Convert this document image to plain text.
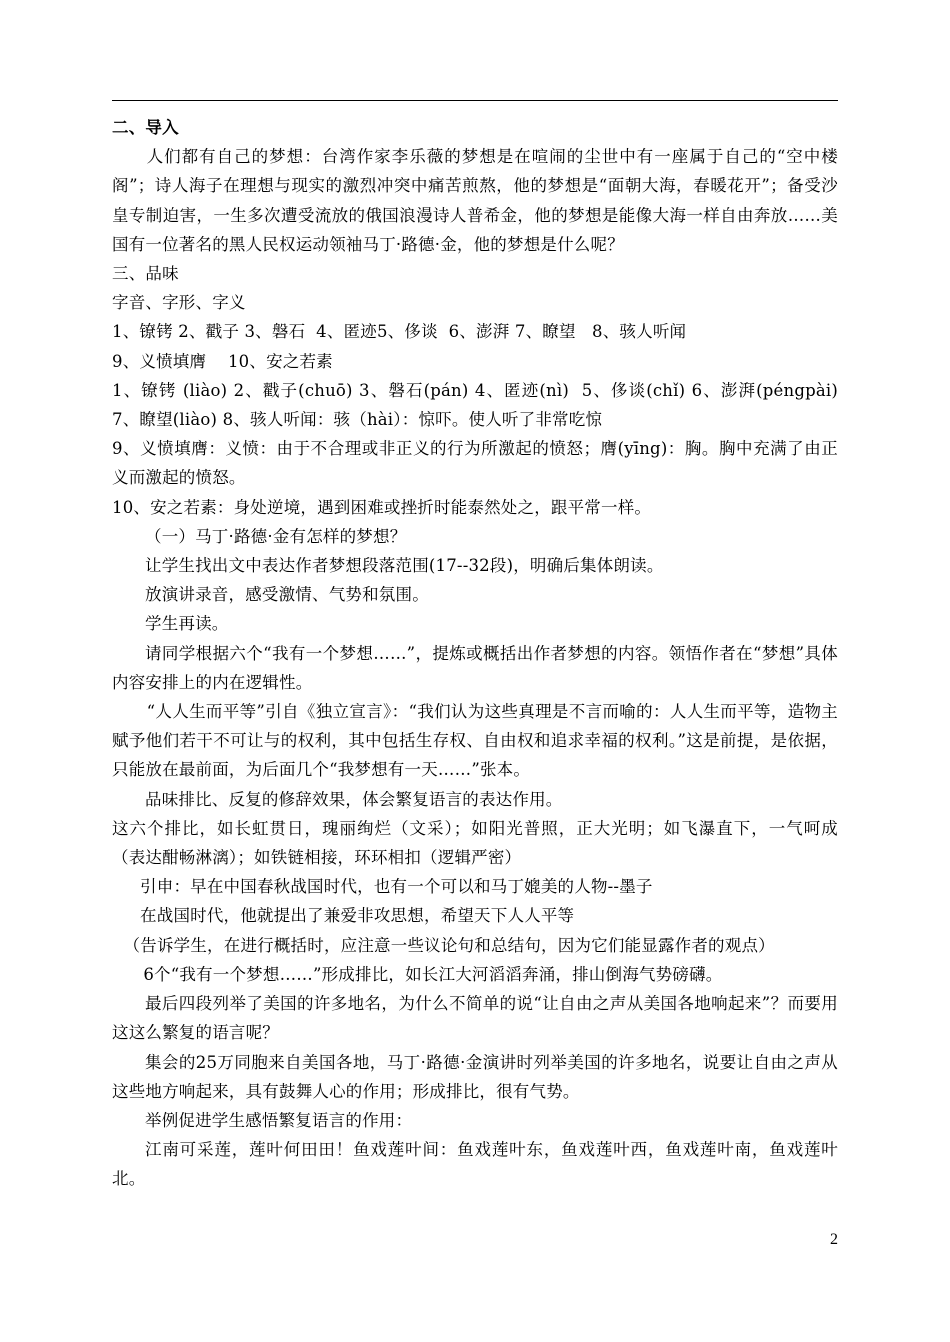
二、导入

人们都有自己的梦想：台湾作家李乐薇的梦想是在喧闹的尘世中有一座属于自己的“空中楼阁”；诗人海子在理想与现实的激烈冲突中痛苦煎熬，他的梦想是“面朝大海，春暖花开”；备受沙皇专制迫害，一生多次遭受流放的俄国浪漫诗人普希金，他的梦想是能像大海一样自由奔放……美国有一位著名的黑人民权运动领袖马丁·路德·金，他的梦想是什么呢？

三、品味

字音、字形、字义

1、镣铐 2、戳子 3、磐石  4、匿迹5、侈谈  6、澎湃 7、瞭望   8、骇人听闻

9、义愤填膺    10、安之若素

1、镣铐 (liào) 2、戳子(chuō) 3、磐石(pán) 4、匿迹(nì)  5、侈谈(chǐ) 6、澎湃(péngpài)     7、瞭望(liào) 8、骇人听闻：骇（hài）：惊吓。使人听了非常吃惊

9、义愤填膺：义愤：由于不合理或非正义的行为所激起的愤怒；膺(yīng)：胸。胸中充满了由正义而激起的愤怒。

10、安之若素：身处逆境，遇到困难或挫折时能泰然处之，跟平常一样。

（一）马丁·路德·金有怎样的梦想？

让学生找出文中表达作者梦想段落范围(17--32段)，明确后集体朗读。

放演讲录音，感受激情、气势和氛围。

学生再读。

请同学根据六个“我有一个梦想……”，提炼或概括出作者梦想的内容。领悟作者在“梦想”具体内容安排上的内在逻辑性。

“人人生而平等”引自《独立宣言》：“我们认为这些真理是不言而喻的：人人生而平等，造物主赋予他们若干不可让与的权利，其中包括生存权、自由权和追求幸福的权利。”这是前提，是依据，只能放在最前面，为后面几个“我梦想有一天……”张本。

品味排比、反复的修辞效果，体会繁复语言的表达作用。

这六个排比，如长虹贯日，瑰丽绚烂（文采）；如阳光普照，正大光明；如飞瀑直下，一气呵成（表达酣畅淋漓）；如铁链相接，环环相扣（逻辑严密）

引申：早在中国春秋战国时代，也有一个可以和马丁媲美的人物--墨子

在战国时代，他就提出了兼爱非攻思想，希望天下人人平等

（告诉学生，在进行概括时，应注意一些议论句和总结句，因为它们能显露作者的观点）

6个“我有一个梦想……”形成排比，如长江大河滔滔奔涌，排山倒海气势磅礴。

最后四段列举了美国的许多地名，为什么不简单的说“让自由之声从美国各地响起来”？而要用这这么繁复的语言呢？

集会的25万同胞来自美国各地，马丁·路德·金演讲时列举美国的许多地名，说要让自由之声从这些地方响起来，具有鼓舞人心的作用；形成排比，很有气势。

举例促进学生感悟繁复语言的作用：

江南可采莲，莲叶何田田！鱼戏莲叶间：鱼戏莲叶东，鱼戏莲叶西，鱼戏莲叶南，鱼戏莲叶北。

2
